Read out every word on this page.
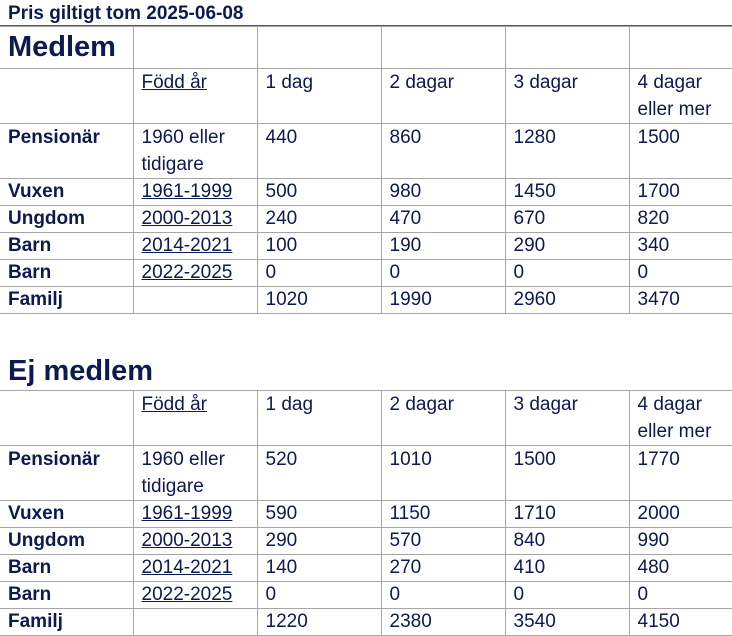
Pris giltigt tom 2025-06-08
Medlem					
	Född år	1 dag	2 dagar	3 dagar	4 dagar eller mer
Pensionär	1960 eller tidigare	440	860	1280	1500
Vuxen	1961-1999	500	980	1450	1700
Ungdom	2000-2013	240	470	670	820
Barn	2014-2021	100	190	290	340
Barn	2022-2025	0	0	0	0
Familj		1020	1990	2960	3470
Ej medlem
	Född år	1 dag	2 dagar	3 dagar	4 dagar eller mer
Pensionär	1960 eller tidigare	520	1010	1500	1770
Vuxen	1961-1999	590	1150	1710	2000
Ungdom	2000-2013	290	570	840	990
Barn	2014-2021	140	270	410	480
Barn	2022-2025	0	0	0	0
Familj		1220	2380	3540	4150
